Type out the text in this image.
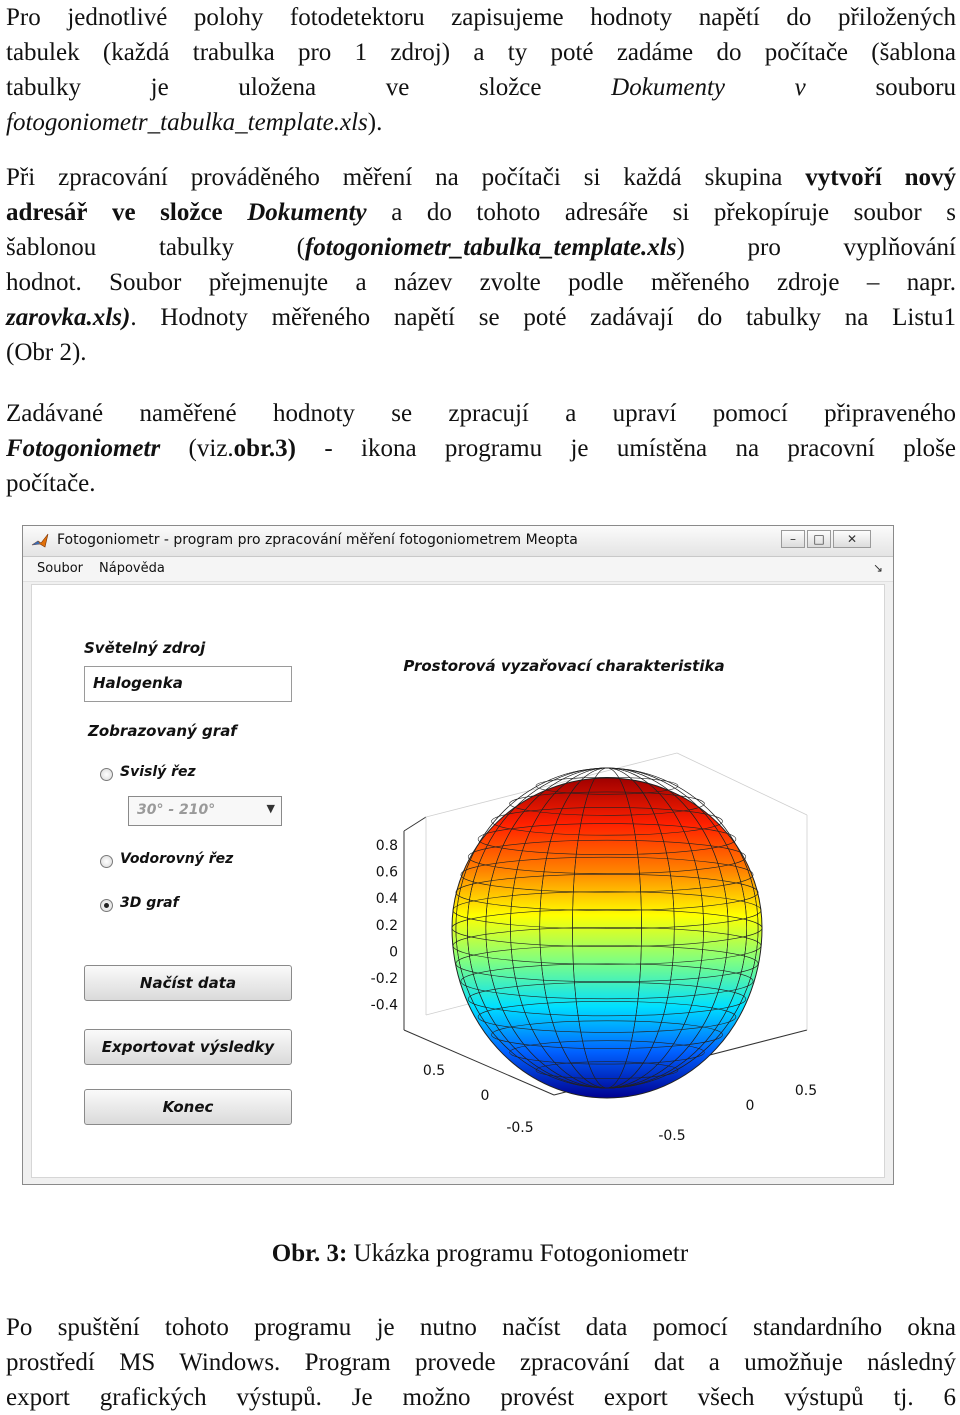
Pro jednotlivé polohy fotodetektoru zapisujeme hodnoty napětí do přiložených
tabulek (každá trabulka pro 1 zdroj) a ty poté zadáme do počítače (šablona
tabulky je uložena ve složce	Dokumenty v	souboru
fotogoniometr_tabulka_template.xls).
Při zpracování prováděného měření na počítači si každá skupina vytvoří nový
adresář ve složce Dokumenty a do tohoto adresáře si překopíruje soubor s
šablonou tabulky (fotogoniometr_tabulka_template.xls) pro vyplňování
hodnot. Soubor přejmenujte a název zvolte podle měřeného zdroje – napr.
zarovka.xls). Hodnoty měřeného napětí se poté zadávají do tabulky na Listu1
(Obr 2).
Zadávané naměřené hodnoty se zpracují a upraví pomocí připraveného
Fotogoniometr (viz.obr.3) - ikona programu je umístěna na pracovní ploše
počítače.
Fotogoniometr - program pro zpracování měření fotogoniometrem Meopta	–	□	✕
Soubor Nápověda	↘
Světelný zdroj
Halogenka
Zobrazovaný graf
Svislý řez
30° - 210°	▼
Vodorovný řez
3D graf
Načíst data
Exportovat výsledky
Konec
Prostorová vyzařovací charakteristika
0.8
0.6
0.4
0.2
0
-0.2
-0.4
0.5
0
-0.5
0.5
0
-0.5
Obr. 3: Ukázka programu Fotogoniometr
Po spuštění tohoto programu je nutno načíst data pomocí standardního okna
prostředí MS Windows. Program provede zpracování dat a umožňuje následný
export grafických výstupů. Je možno provést export všech výstupů tj. 6
